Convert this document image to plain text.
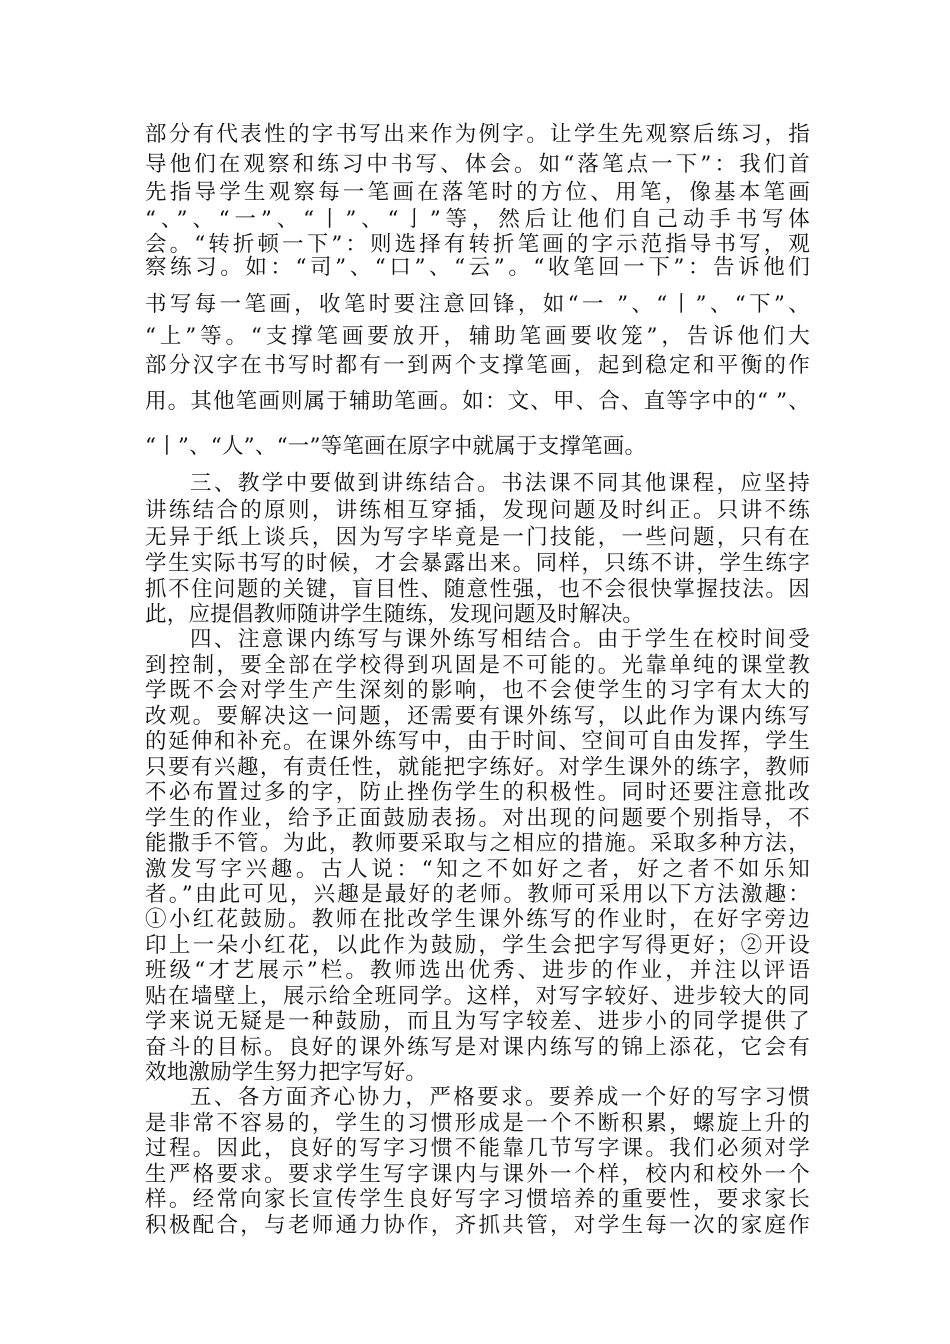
部分有代表性的字书写出来作为例字。让学生先观察后练习，指
导他们在观察和练习中书写、体会。如“落笔点一下”：我们首
先指导学生观察每一笔画在落笔时的方位、用笔，像基本笔画
“、”、“一”、“丨”、“亅”等，然后让他们自己动手书写体
会。“转折顿一下”：则选择有转折笔画的字示范指导书写，观
察练习。如：“司”、“口”、“云”。“收笔回一下”：告诉他们
书写每一笔画，收笔时要注意回锋，如“一 ”、“丨”、“下”、
“上”等。“支撑笔画要放开，辅助笔画要收笼”，告诉他们大
部分汉字在书写时都有一到两个支撑笔画，起到稳定和平衡的作
用。其他笔画则属于辅助笔画。如：文、甲、合、直等字中的“ ”、
“丨”、“人”、“一”等笔画在原字中就属于支撑笔画。
三、教学中要做到讲练结合。书法课不同其他课程，应坚持
讲练结合的原则，讲练相互穿插，发现问题及时纠正。只讲不练
无异于纸上谈兵，因为写字毕竟是一门技能，一些问题，只有在
学生实际书写的时候，才会暴露出来。同样，只练不讲，学生练字
抓不住问题的关键，盲目性、随意性强，也不会很快掌握技法。因
此，应提倡教师随讲学生随练，发现问题及时解决。
四、注意课内练写与课外练写相结合。由于学生在校时间受
到控制，要全部在学校得到巩固是不可能的。光靠单纯的课堂教
学既不会对学生产生深刻的影响，也不会使学生的习字有太大的
改观。要解决这一问题，还需要有课外练写，以此作为课内练写
的延伸和补充。在课外练写中，由于时间、空间可自由发挥，学生
只要有兴趣，有责任性，就能把字练好。对学生课外的练字，教师
不必布置过多的字，防止挫伤学生的积极性。同时还要注意批改
学生的作业，给予正面鼓励表扬。对出现的问题要个别指导，不
能撒手不管。为此，教师要采取与之相应的措施。采取多种方法，
激发写字兴趣。古人说：“知之不如好之者，好之者不如乐知
者。”由此可见，兴趣是最好的老师。教师可采用以下方法激趣：
①小红花鼓励。教师在批改学生课外练写的作业时，在好字旁边
印上一朵小红花，以此作为鼓励，学生会把字写得更好；②开设
班级“才艺展示”栏。教师选出优秀、进步的作业，并注以评语
贴在墙壁上，展示给全班同学。这样，对写字较好、进步较大的同
学来说无疑是一种鼓励，而且为写字较差、进步小的同学提供了
奋斗的目标。良好的课外练写是对课内练写的锦上添花，它会有
效地激励学生努力把字写好。
五、各方面齐心协力，严格要求。要养成一个好的写字习惯
是非常不容易的，学生的习惯形成是一个不断积累，螺旋上升的
过程。因此，良好的写字习惯不能靠几节写字课。我们必须对学
生严格要求。要求学生写字课内与课外一个样，校内和校外一个
样。经常向家长宣传学生良好写字习惯培养的重要性，要求家长
积极配合，与老师通力协作，齐抓共管，对学生每一次的家庭作
